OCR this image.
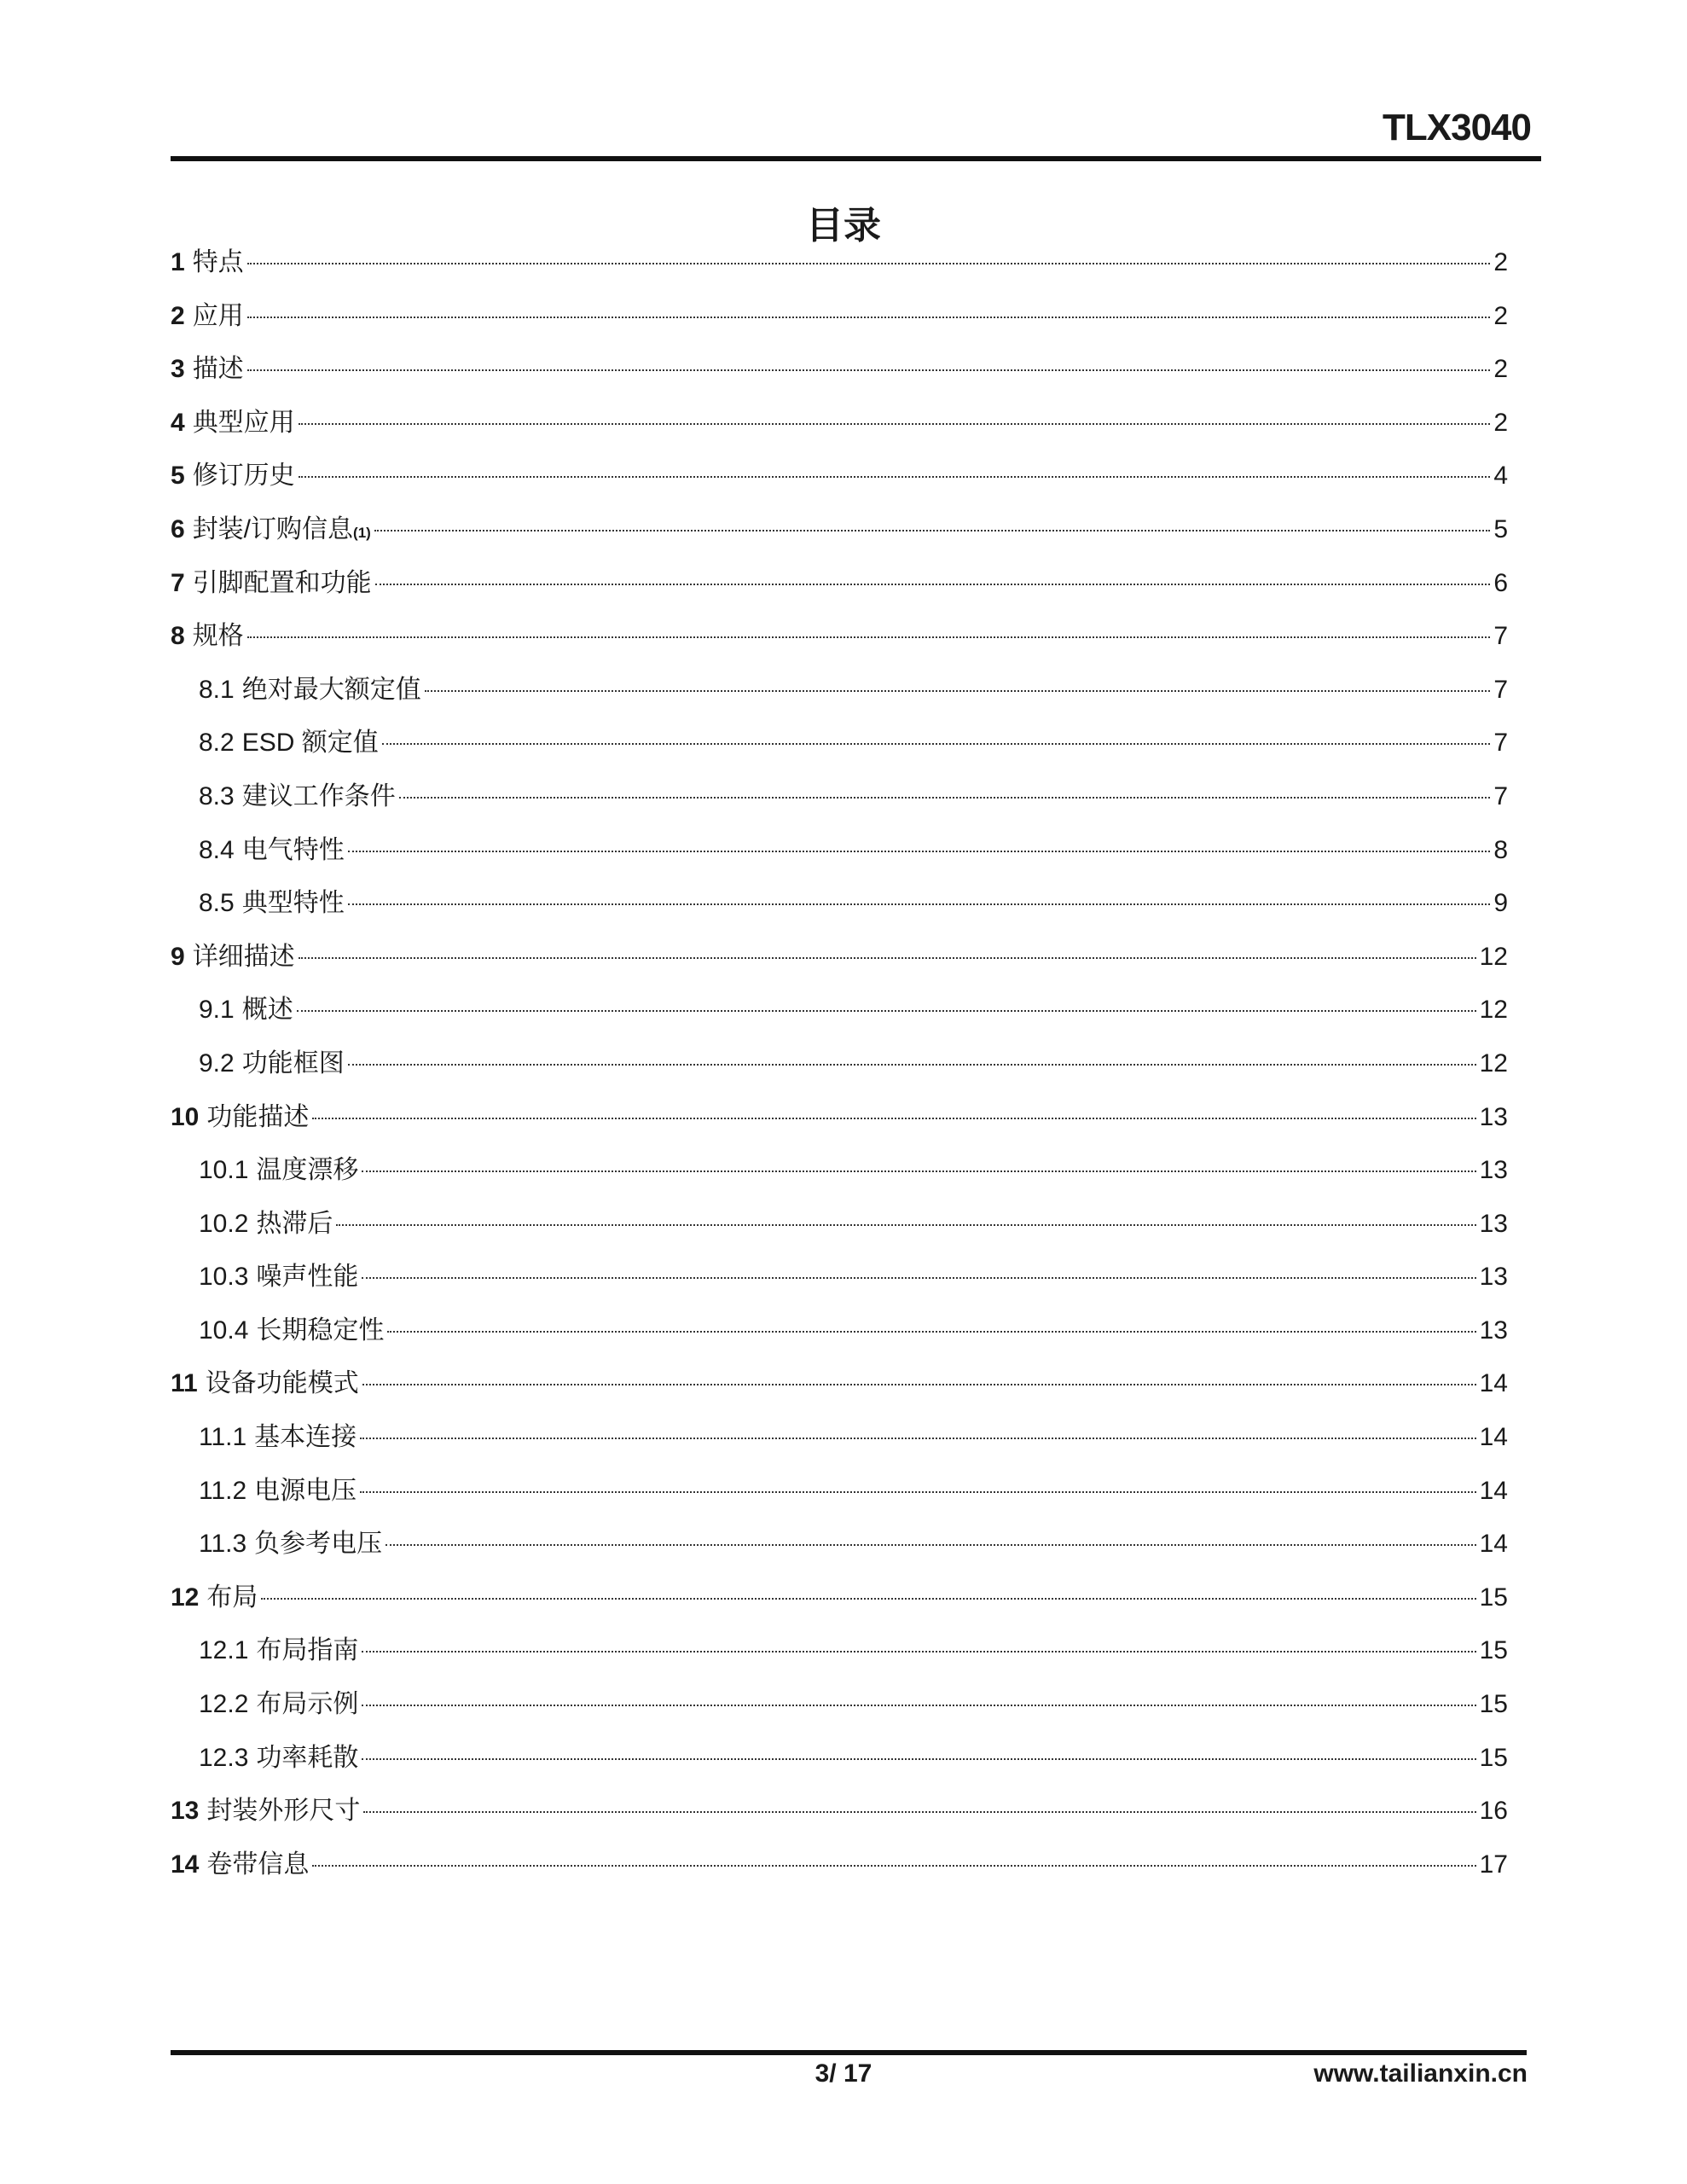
TLX3040
目录
1 特点	2
2 应用	2
3 描述	2
4 典型应用	2
5 修订历史	4
6 封装/订购信息 (1)	5
7 引脚配置和功能	6
8 规格	7
8.1 绝对最大额定值	7
8.2 ESD 额定值	7
8.3 建议工作条件	7
8.4 电气特性	8
8.5 典型特性	9
9 详细描述	12
9.1 概述	12
9.2 功能框图	12
10 功能描述	13
10.1 温度漂移	13
10.2 热滞后	13
10.3 噪声性能	13
10.4 长期稳定性	13
11 设备功能模式	14
11.1 基本连接	14
11.2 电源电压	14
11.3 负参考电压	14
12 布局	15
12.1 布局指南	15
12.2 布局示例	15
12.3 功率耗散	15
13 封装外形尺寸	16
14 卷带信息	17
3/ 17	www.tailianxin.cn
